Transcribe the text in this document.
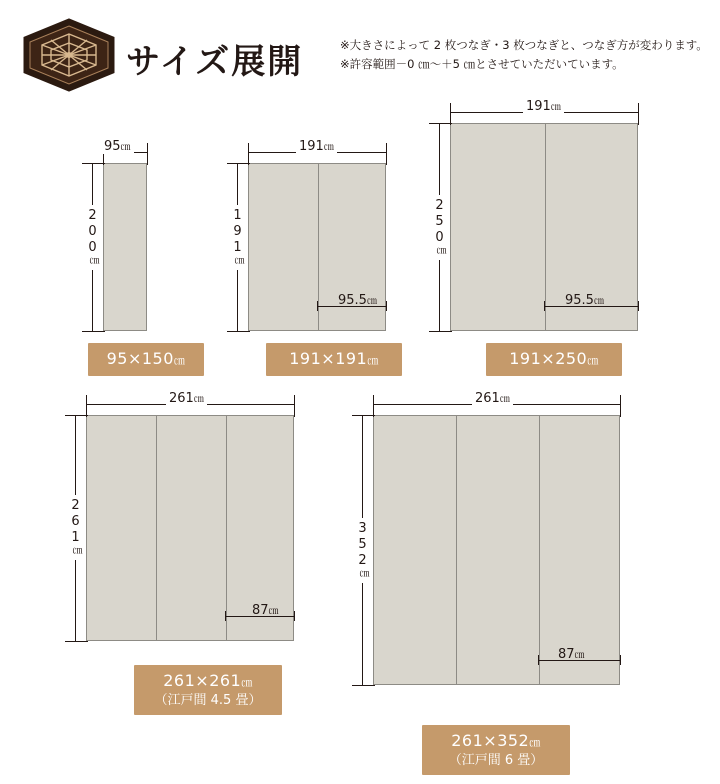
サイズ展開	※大きさによって 2 枚つなぎ・3 枚つなぎと、つなぎ方が変わります。
※許容範囲－0 ㎝～＋5 ㎝とさせていただいています。
95㎝
200㎝
95×150㎝
191㎝
191㎝
95.5㎝
191×191㎝
191㎝
250㎝
95.5㎝
191×250㎝
261㎝
261㎝
87㎝
261×261㎝
（江戸間 4.5 畳）
261㎝
352㎝
87㎝
261×352㎝
（江戸間 6 畳）
